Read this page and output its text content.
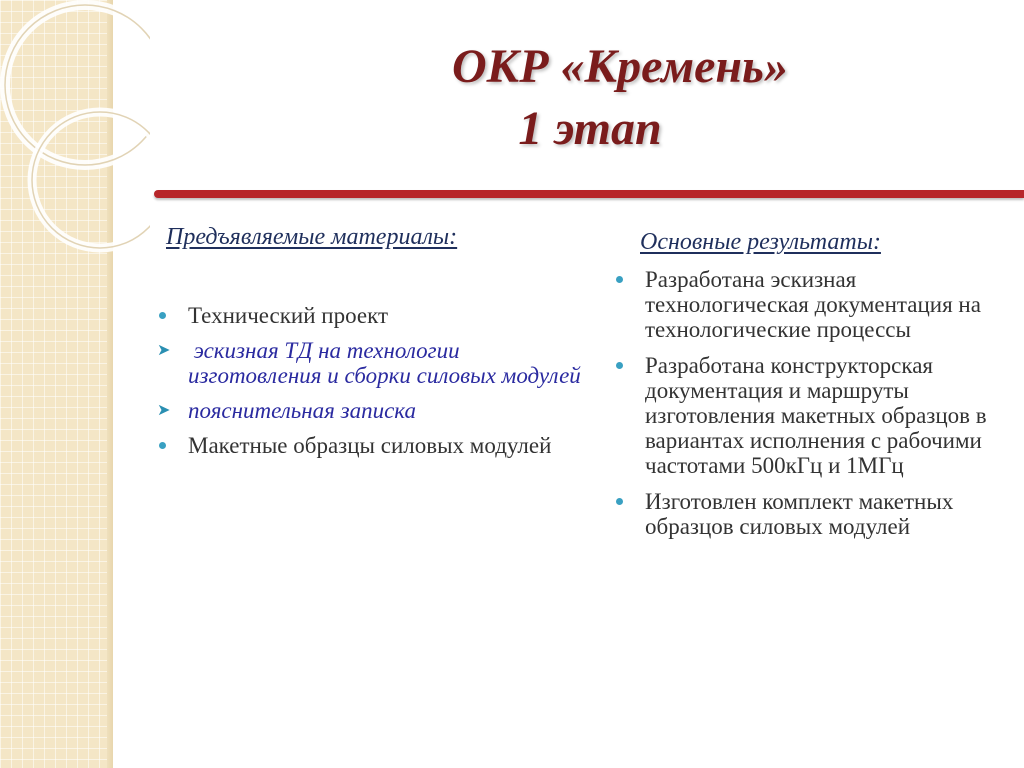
ОКР «Кремень»
1 этап
Предъявляемые материалы:	Основные результаты:
Технический проект
➤ эскизная ТД на технологии изготовления и сборки силовых модулей
➤ пояснительная записка
Макетные образцы силовых модулей
Разработана эскизная технологическая документация на технологические процессы
Разработана конструкторская документация и маршруты изготовления макетных образцов в вариантах исполнения с рабочими частотами 500кГц и 1МГц
Изготовлен комплект макетных образцов силовых модулей
